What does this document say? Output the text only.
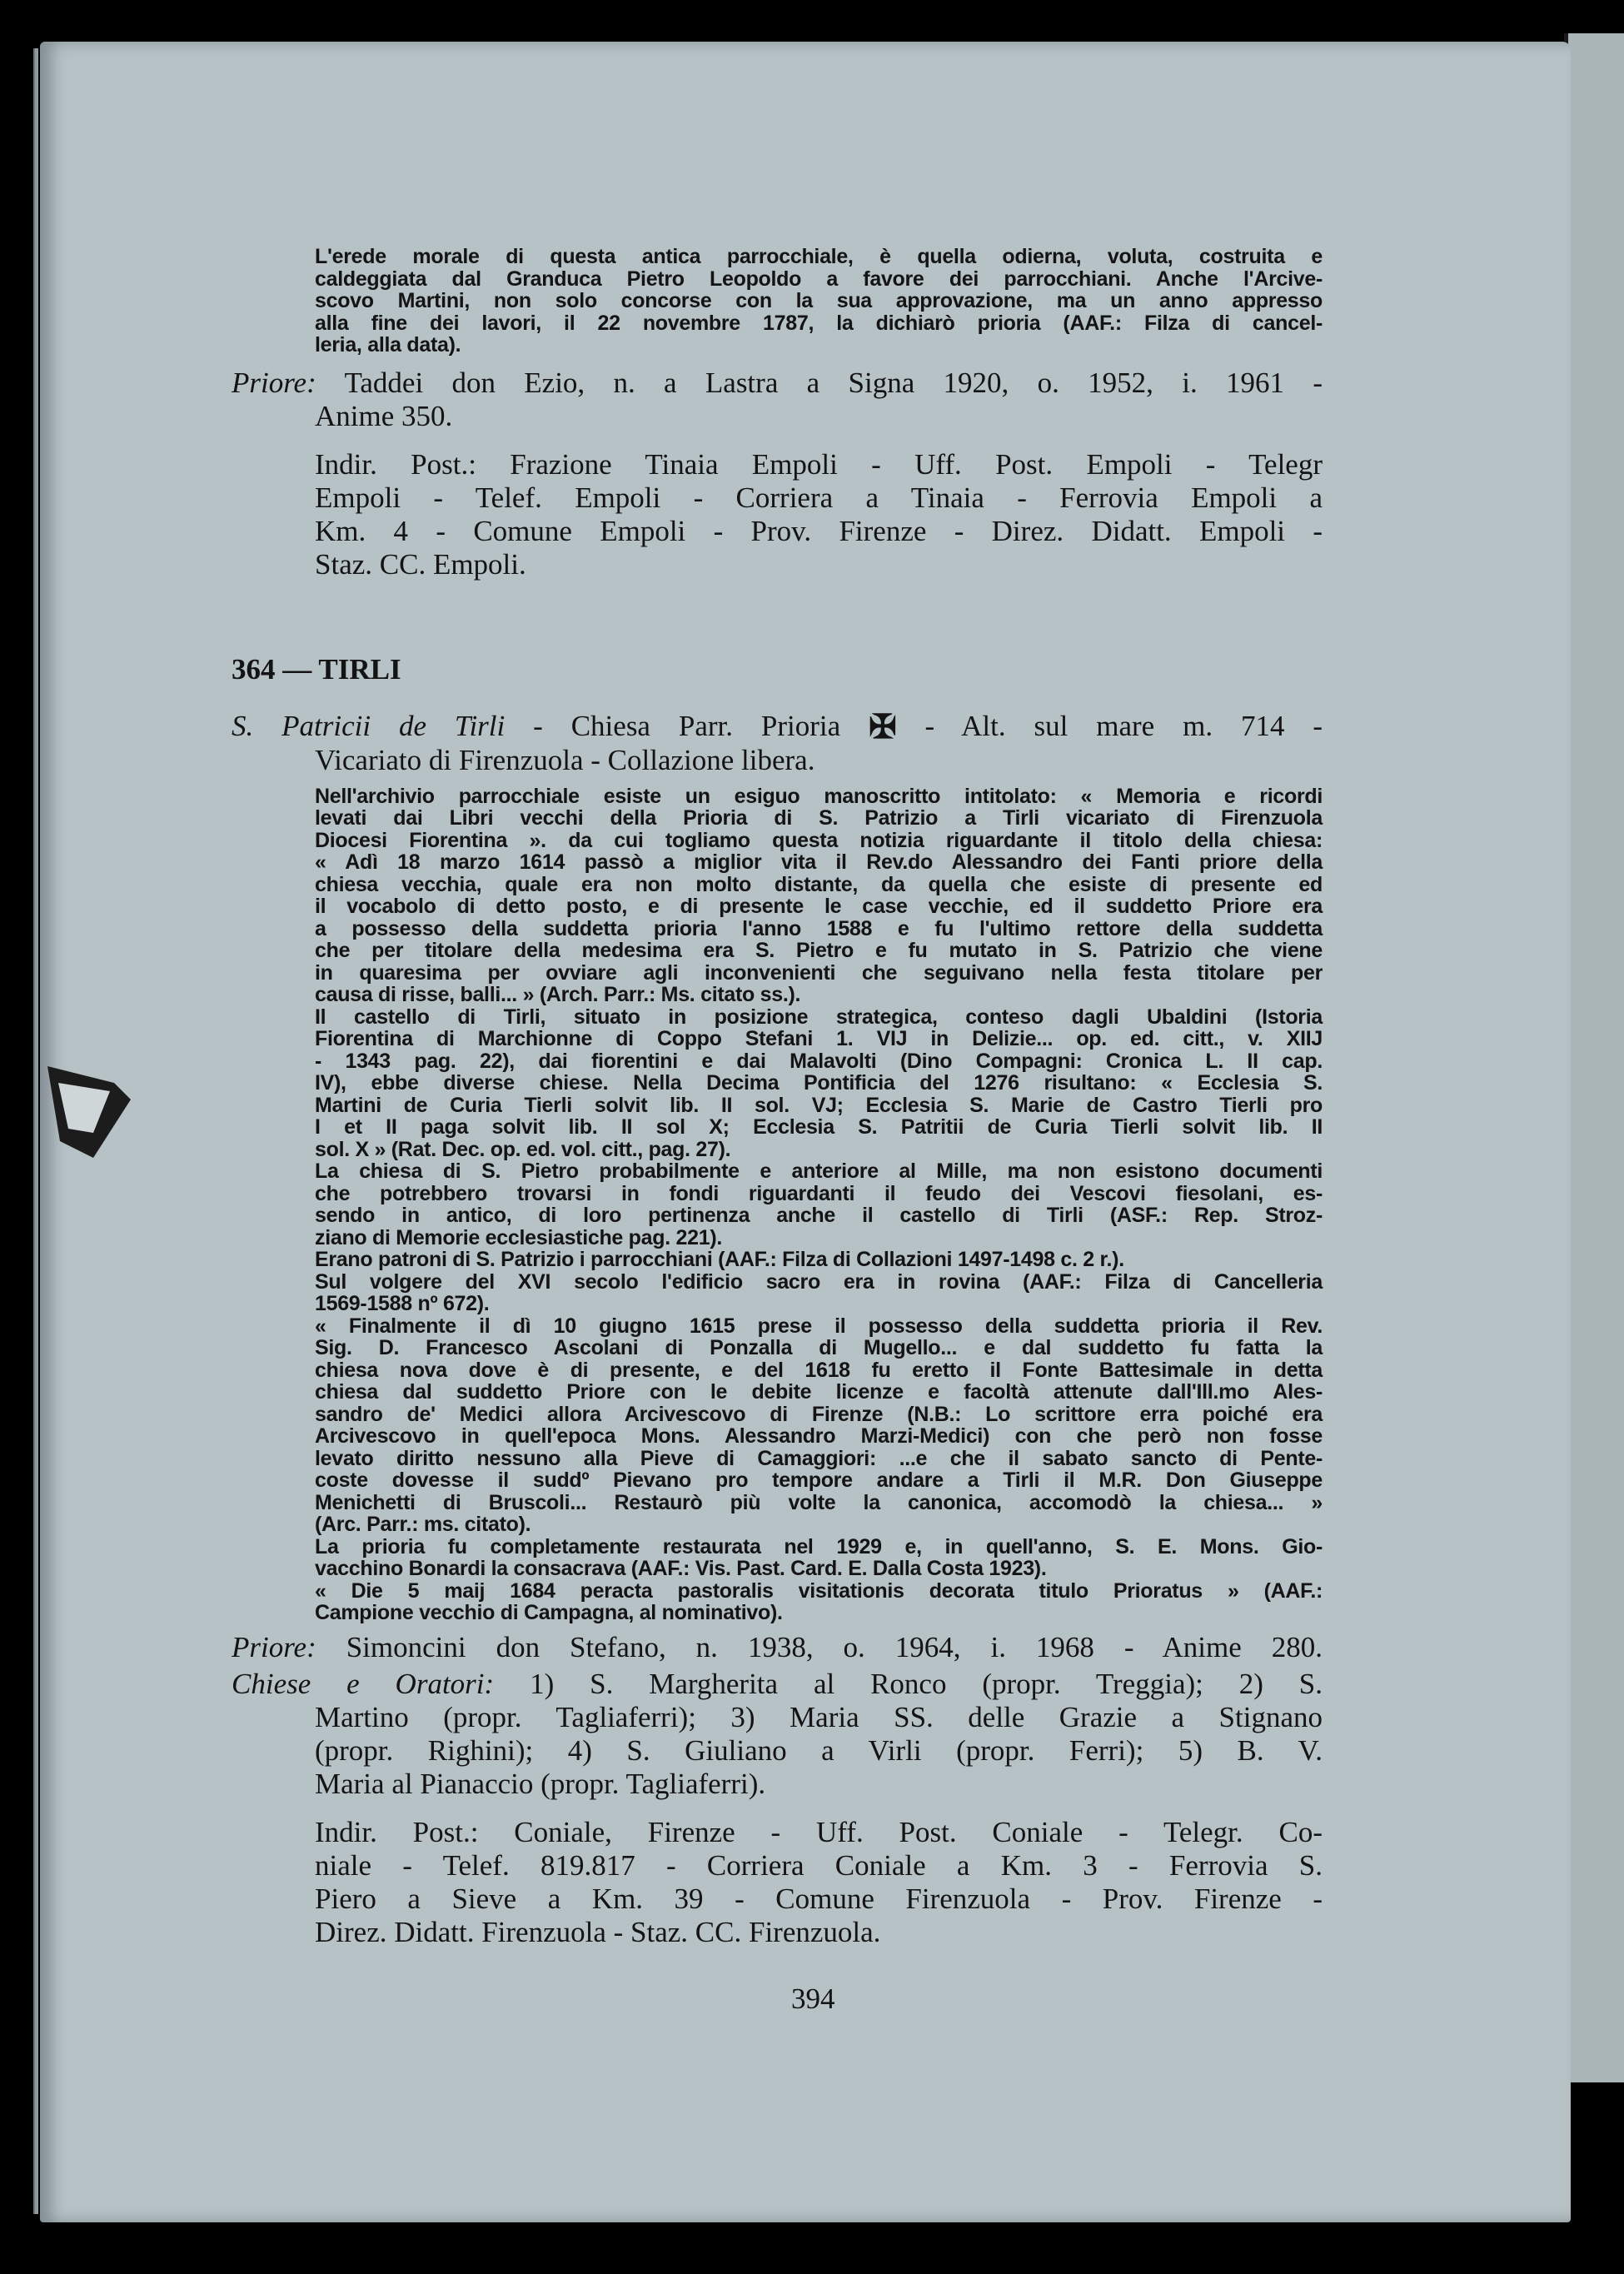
L'erede morale di questa antica parrocchiale, è quella odierna, voluta, costruita e
caldeggiata dal Granduca Pietro Leopoldo a favore dei parrocchiani. Anche l'Arcive-
scovo Martini, non solo concorse con la sua approvazione, ma un anno appresso
alla fine dei lavori, il 22 novembre 1787, la dichiarò prioria (AAF.: Filza di cancel-
leria, alla data).
Priore: Taddei don Ezio, n. a Lastra a Signa 1920, o. 1952, i. 1961 -
Anime 350.
Indir. Post.: Frazione Tinaia Empoli - Uff. Post. Empoli - Telegr
Empoli - Telef. Empoli - Corriera a Tinaia - Ferrovia Empoli a
Km. 4 - Comune Empoli - Prov. Firenze - Direz. Didatt. Empoli -
Staz. CC. Empoli.
364 — TIRLI
S. Patricii de Tirli - Chiesa Parr. Prioria ✠ - Alt. sul mare m. 714 -
Vicariato di Firenzuola - Collazione libera.
Nell'archivio parrocchiale esiste un esiguo manoscritto intitolato: « Memoria e ricordi
levati dai Libri vecchi della Prioria di S. Patrizio a Tirli vicariato di Firenzuola
Diocesi Fiorentina ». da cui togliamo questa notizia riguardante il titolo della chiesa:
« Adì 18 marzo 1614 passò a miglior vita il Rev.do Alessandro dei Fanti priore della
chiesa vecchia, quale era non molto distante, da quella che esiste di presente ed
il vocabolo di detto posto, e di presente le case vecchie, ed il suddetto Priore era
a possesso della suddetta prioria l'anno 1588 e fu l'ultimo rettore della suddetta
che per titolare della medesima era S. Pietro e fu mutato in S. Patrizio che viene
in quaresima per ovviare agli inconvenienti che seguivano nella festa titolare per
causa di risse, balli... » (Arch. Parr.: Ms. citato ss.).
Il castello di Tirli, situato in posizione strategica, conteso dagli Ubaldini (Istoria
Fiorentina di Marchionne di Coppo Stefani 1. VIJ in Delizie... op. ed. citt., v. XIIJ
- 1343 pag. 22), dai fiorentini e dai Malavolti (Dino Compagni: Cronica L. II cap.
IV), ebbe diverse chiese. Nella Decima Pontificia del 1276 risultano: « Ecclesia S.
Martini de Curia Tierli solvit lib. II sol. VJ; Ecclesia S. Marie de Castro Tierli pro
I et II paga solvit lib. II sol X; Ecclesia S. Patritii de Curia Tierli solvit lib. II
sol. X » (Rat. Dec. op. ed. vol. citt., pag. 27).
La chiesa di S. Pietro probabilmente e anteriore al Mille, ma non esistono documenti
che potrebbero trovarsi in fondi riguardanti il feudo dei Vescovi fiesolani, es-
sendo in antico, di loro pertinenza anche il castello di Tirli (ASF.: Rep. Stroz-
ziano di Memorie ecclesiastiche pag. 221).
Erano patroni di S. Patrizio i parrocchiani (AAF.: Filza di Collazioni 1497-1498 c. 2 r.).
Sul volgere del XVI secolo l'edificio sacro era in rovina (AAF.: Filza di Cancelleria
1569-1588 nº 672).
« Finalmente il dì 10 giugno 1615 prese il possesso della suddetta prioria il Rev.
Sig. D. Francesco Ascolani di Ponzalla di Mugello... e dal suddetto fu fatta la
chiesa nova dove è di presente, e del 1618 fu eretto il Fonte Battesimale in detta
chiesa dal suddetto Priore con le debite licenze e facoltà attenute dall'Ill.mo Ales-
sandro de' Medici allora Arcivescovo di Firenze (N.B.: Lo scrittore erra poiché era
Arcivescovo in quell'epoca Mons. Alessandro Marzi-Medici) con che però non fosse
levato diritto nessuno alla Pieve di Camaggiori: ...e che il sabato sancto di Pente-
coste dovesse il suddº Pievano pro tempore andare a Tirli il M.R. Don Giuseppe
Menichetti di Bruscoli... Restaurò più volte la canonica, accomodò la chiesa... »
(Arc. Parr.: ms. citato).
La prioria fu completamente restaurata nel 1929 e, in quell'anno, S. E. Mons. Gio-
vacchino Bonardi la consacrava (AAF.: Vis. Past. Card. E. Dalla Costa 1923).
« Die 5 maij 1684 peracta pastoralis visitationis decorata titulo Prioratus » (AAF.:
Campione vecchio di Campagna, al nominativo).
Priore: Simoncini don Stefano, n. 1938, o. 1964, i. 1968 - Anime 280.
Chiese e Oratori: 1) S. Margherita al Ronco (propr. Treggia); 2) S.
Martino (propr. Tagliaferri); 3) Maria SS. delle Grazie a Stignano
(propr. Righini); 4) S. Giuliano a Virli (propr. Ferri); 5) B. V.
Maria al Pianaccio (propr. Tagliaferri).
Indir. Post.: Coniale, Firenze - Uff. Post. Coniale - Telegr. Co-
niale - Telef. 819.817 - Corriera Coniale a Km. 3 - Ferrovia S.
Piero a Sieve a Km. 39 - Comune Firenzuola - Prov. Firenze -
Direz. Didatt. Firenzuola - Staz. CC. Firenzuola.
394
